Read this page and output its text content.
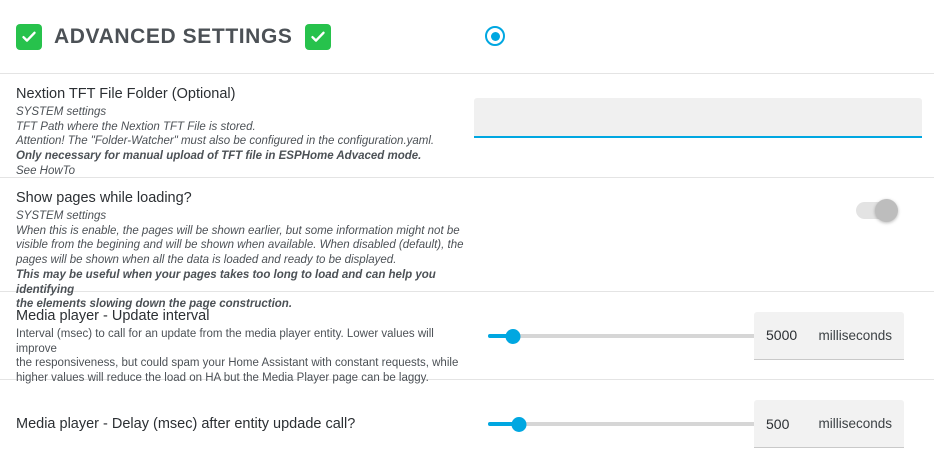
ADVANCED SETTINGS
Nextion TFT File Folder (Optional)
SYSTEM settings
TFT Path where the Nextion TFT File is stored.
Attention! The "Folder-Watcher" must also be configured in the configuration.yaml.
Only necessary for manual upload of TFT file in ESPHome Advaced mode.
See HowTo
Show pages while loading?
SYSTEM settings
When this is enable, the pages will be shown earlier, but some information might not be
visible from the begining and will be shown when available. When disabled (default), the
pages will be shown when all the data is loaded and ready to be displayed.
This may be useful when your pages takes too long to load and can help you identifying
the elements slowing down the page construction.
Media player - Update interval
Interval (msec) to call for an update from the media player entity. Lower values will improve
the responsiveness, but could spam your Home Assistant with constant requests, while
higher values will reduce the load on HA but the Media Player page can be laggy.
5000 milliseconds
Media player - Delay (msec) after entity updade call?	500 milliseconds
